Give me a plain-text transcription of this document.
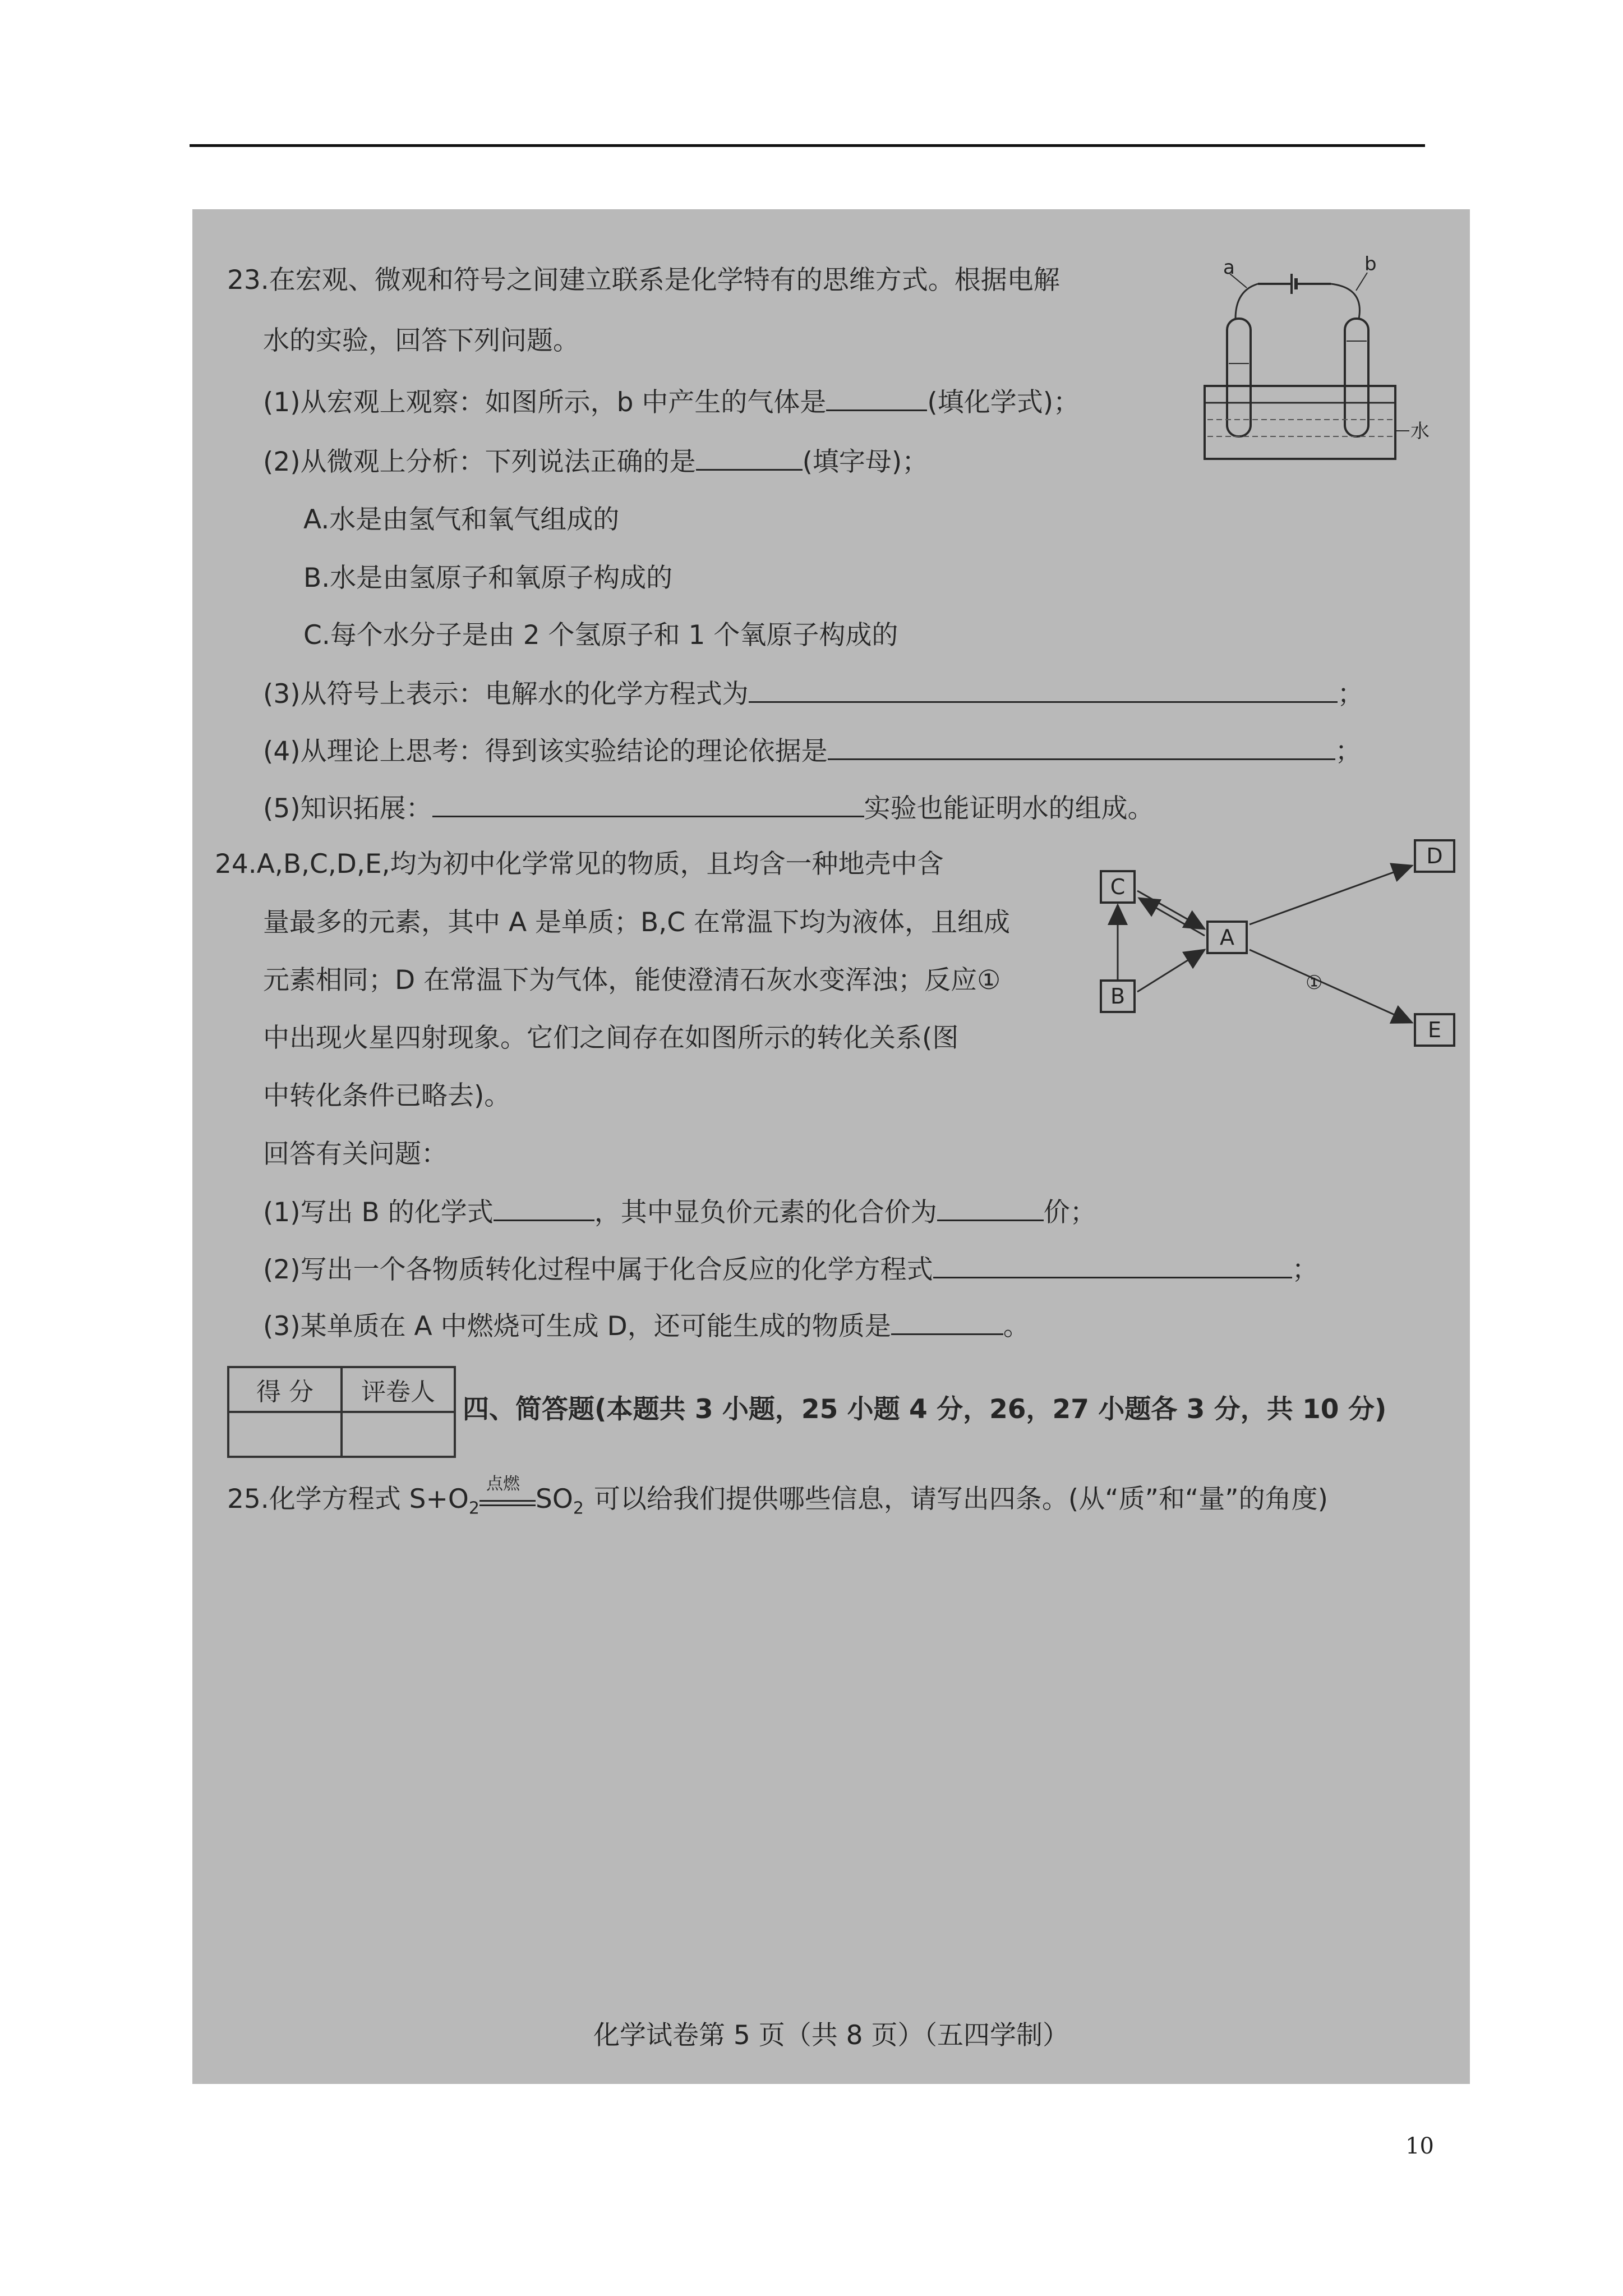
23.在宏观、微观和符号之间建立联系是化学特有的思维方式。根据电解
水的实验，回答下列问题。
(1)从宏观上观察：如图所示，b 中产生的气体是	(填化学式)；
(2)从微观上分析：下列说法正确的是	(填字母)；
A.水是由氢气和氧气组成的
B.水是由氢原子和氧原子构成的
C.每个水分子是由 2 个氢原子和 1 个氧原子构成的
(3)从符号上表示：电解水的化学方程式为	；
(4)从理论上思考：得到该实验结论的理论依据是	；
(5)知识拓展：	实验也能证明水的组成。
a	b
水
24.A,B,C,D,E,均为初中化学常见的物质，且均含一种地壳中含
量最多的元素，其中 A 是单质；B,C 在常温下均为液体，且组成
元素相同；D 在常温下为气体，能使澄清石灰水变浑浊；反应①
中出现火星四射现象。它们之间存在如图所示的转化关系(图
中转化条件已略去)。
回答有关问题：
C
B
A
D
E
①
(1)写出 B 的化学式	，其中显负价元素的化合价为	价；
(2)写出一个各物质转化过程中属于化合反应的化学方程式	；
(3)某单质在 A 中燃烧可生成 D，还可能生成的物质是	。
得 分	评卷人

四、简答题(本题共 3 小题，25 小题 4 分，26，27 小题各 3 分，共 10 分)
25.化学方程式 $S+O_2$
点燃 $SO_2$ 可以给我们提供哪些信息，请写出四条。(从“质”和“量”的角度)
化学试卷第 5 页（共 8 页）（五四学制）
10
